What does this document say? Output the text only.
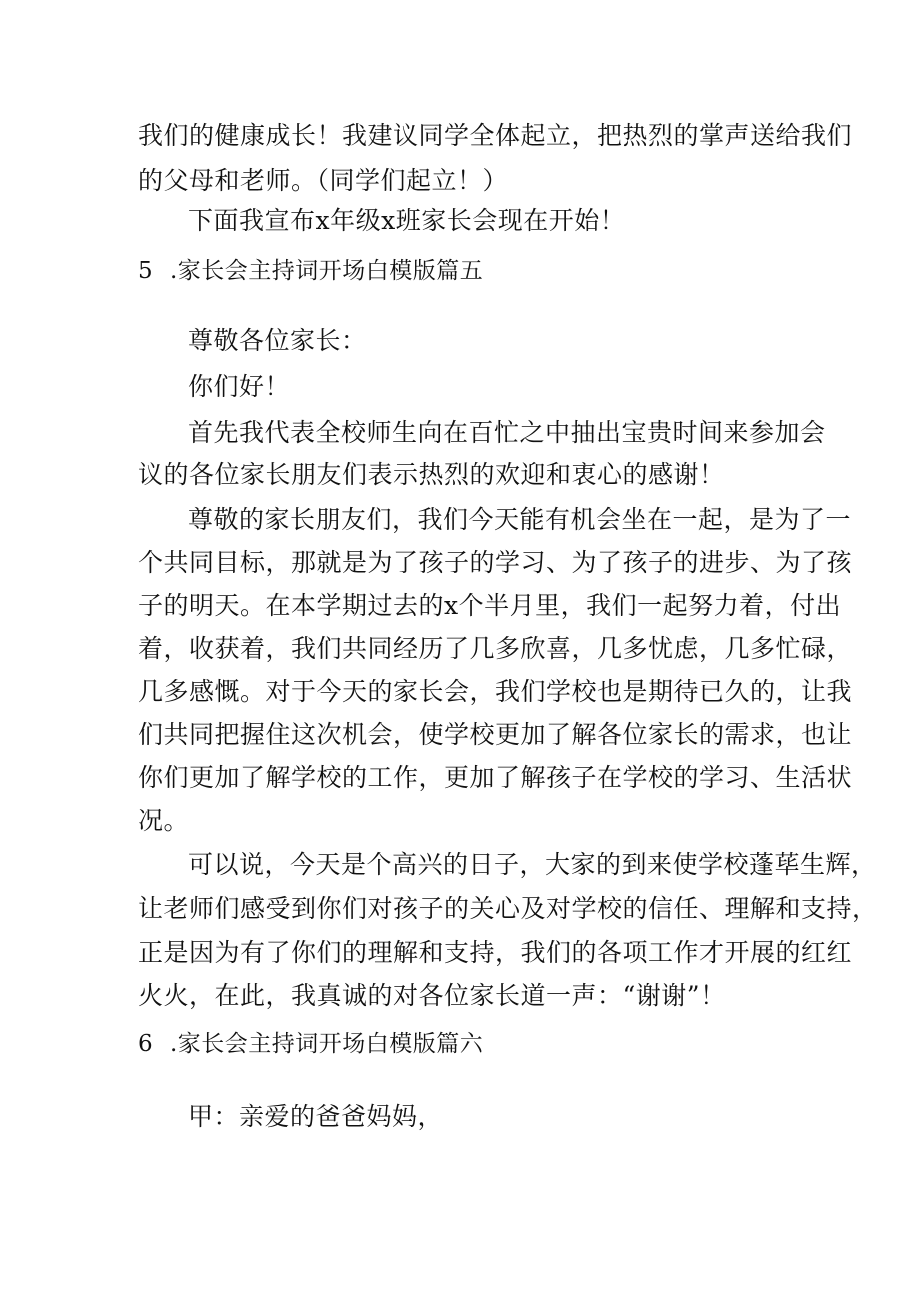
我们的健康成长！我建议同学全体起立，把热烈的掌声送给我们
的父母和老师。（同学们起立！）
下面我宣布x年级x班家长会现在开始！
5 .家长会主持词开场白模版篇五
尊敬各位家长：
你们好！
首先我代表全校师生向在百忙之中抽出宝贵时间来参加会
议的各位家长朋友们表示热烈的欢迎和衷心的感谢！
尊敬的家长朋友们，我们今天能有机会坐在一起，是为了一
个共同目标，那就是为了孩子的学习、为了孩子的进步、为了孩
子的明天。在本学期过去的x个半月里，我们一起努力着，付出
着，收获着，我们共同经历了几多欣喜，几多忧虑，几多忙碌，
几多感慨。对于今天的家长会，我们学校也是期待已久的，让我
们共同把握住这次机会，使学校更加了解各位家长的需求，也让
你们更加了解学校的工作，更加了解孩子在学校的学习、生活状
况。
可以说，今天是个高兴的日子，大家的到来使学校蓬荜生辉，
让老师们感受到你们对孩子的关心及对学校的信任、理解和支持，
正是因为有了你们的理解和支持，我们的各项工作才开展的红红
火火，在此，我真诚的对各位家长道一声：“谢谢”！
6 .家长会主持词开场白模版篇六
甲：亲爱的爸爸妈妈，
